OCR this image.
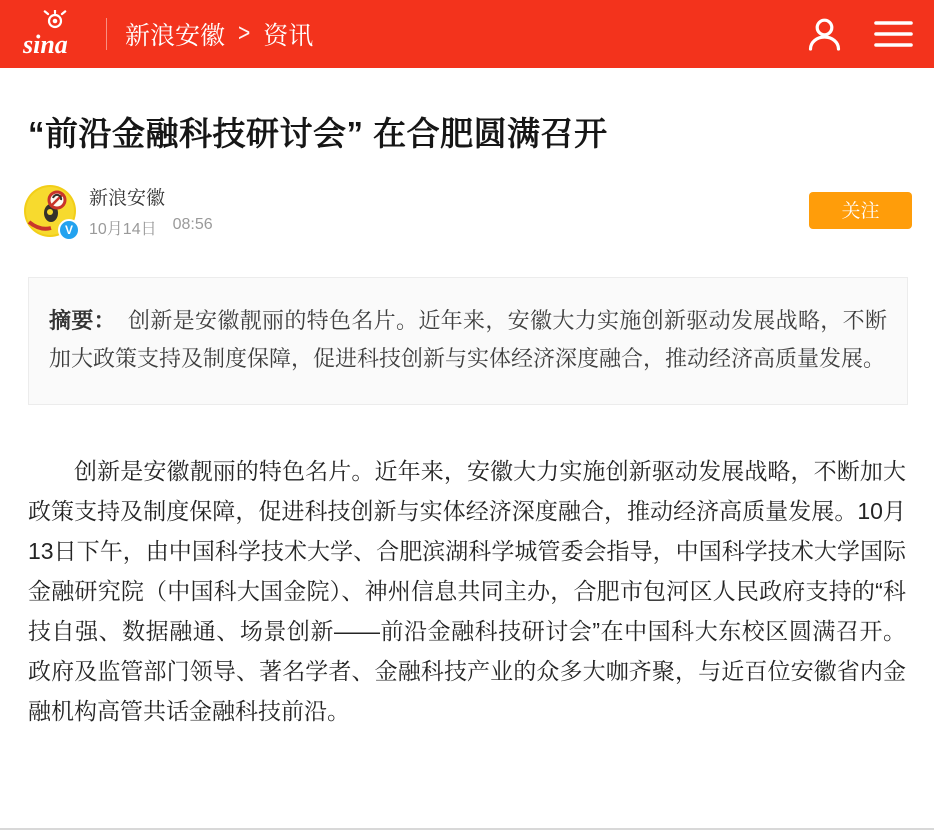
sina 新浪安徽 > 资讯
“前沿金融科技研讨会” 在合肥圆满召开
V
新浪安徽
10月14日 08:56
关注

摘要： 创新是安徽靓丽的特色名片。近年来，安徽大力实施创新驱动发展战略，不断加大政策支持及制度保障，促进科技创新与实体经济深度融合，推动经济高质量发展。

创新是安徽靓丽的特色名片。近年来，安徽大力实施创新驱动发展战略，不断加大政策支持及制度保障，促进科技创新与实体经济深度融合，推动经济高质量发展。10月13日下午，由中国科学技术大学、合肥滨湖科学城管委会指导，中国科学技术大学国际金融研究院（中国科大国金院）、神州信息共同主办，合肥市包河区人民政府支持的“科技自强、数据融通、场景创新——前沿金融科技研讨会”在中国科大东校区圆满召开。政府及监管部门领导、著名学者、金融科技产业的众多大咖齐聚，与近百位安徽省内金融机构高管共话金融科技前沿。
